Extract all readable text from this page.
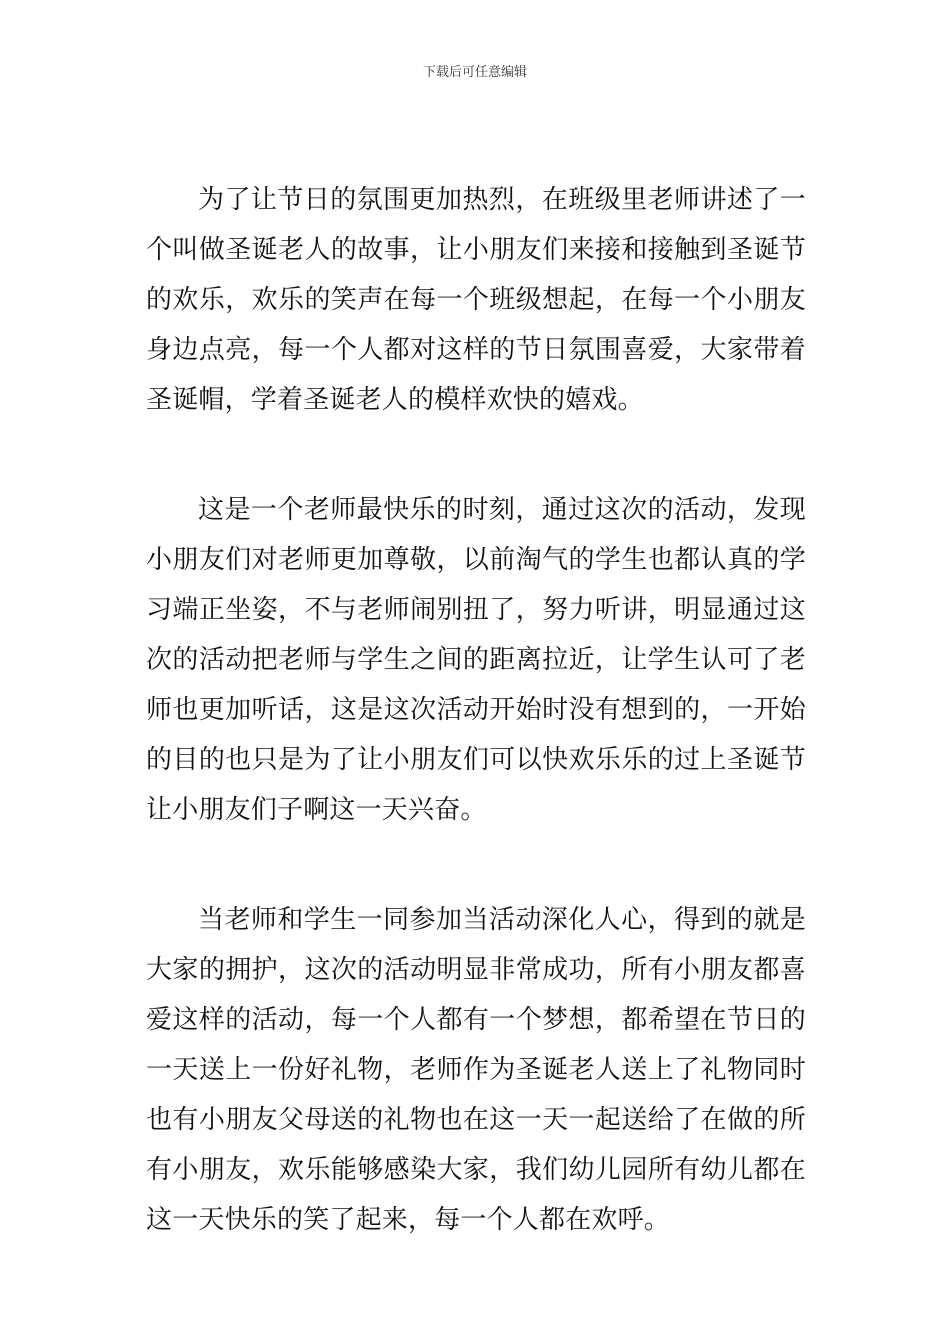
下载后可任意编辑

为了让节日的氛围更加热烈，在班级里老师讲述了一个叫做圣诞老人的故事，让小朋友们来接和接触到圣诞节的欢乐，欢乐的笑声在每一个班级想起，在每一个小朋友身边点亮，每一个人都对这样的节日氛围喜爱，大家带着圣诞帽，学着圣诞老人的模样欢快的嬉戏。

这是一个老师最快乐的时刻，通过这次的活动，发现小朋友们对老师更加尊敬，以前淘气的学生也都认真的学习端正坐姿，不与老师闹别扭了，努力听讲，明显通过这次的活动把老师与学生之间的距离拉近，让学生认可了老师也更加听话，这是这次活动开始时没有想到的，一开始的目的也只是为了让小朋友们可以快欢乐乐的过上圣诞节让小朋友们子啊这一天兴奋。

当老师和学生一同参加当活动深化人心，得到的就是大家的拥护，这次的活动明显非常成功，所有小朋友都喜爱这样的活动，每一个人都有一个梦想，都希望在节日的一天送上一份好礼物，老师作为圣诞老人送上了礼物同时也有小朋友父母送的礼物也在这一天一起送给了在做的所有小朋友，欢乐能够感染大家，我们幼儿园所有幼儿都在这一天快乐的笑了起来，每一个人都在欢呼。
